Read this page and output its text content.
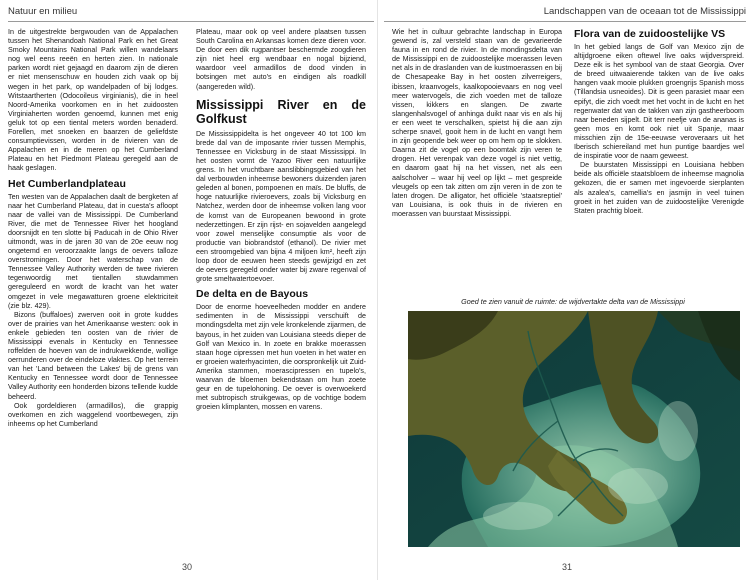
Natuur en milieu

In de uitgestrekte bergwouden van de Appalachen tussen het Shenandoah National Park en het Great Smoky Mountains National Park willen wandelaars nog wel eens reeën en herten zien. In nationale parken wordt niet gejaagd en daarom zijn de dieren er niet mensenschuw en houden zich vaak op bij wegen in het park, op wandelpaden of bij lodges. Witstaartherten (Odocoileus virginianis), die in heel Noord-Amerika voorkomen en in het zuidoosten Virginiaherten worden genoemd, kunnen met enig geluk tot op een tiental meters worden benaderd. Forellen, met snoeken en baarzen de geliefdste consumptievissen, worden in de rivieren van de Appalachen en in de meren op het Cumberland Plateau en het Piedmont Plateau geregeld aan de haak geslagen.

Het Cumberlandplateau

Ten westen van de Appalachen daalt de bergketen af naar het Cumberland Plateau, dat in cuesta's afloopt naar de vallei van de Mississippi. De Cumberland River, die met de Tennessee River het hoogland doorsnijdt en ten slotte bij Paducah in de Ohio River uitmondt, was in de jaren 30 van de 20e eeuw nog ongetemd en veroorzaakte langs de oevers talloze overstromingen. Door het waterschap van de Tennessee Valley Authority werden de twee rivieren tegenwoordig met tientallen stuwdammen gereguleerd en wordt de kracht van het water omgezet in vele megawatturen groene elektriciteit (zie blz. 429).

Bizons (buffaloes) zwerven ooit in grote kuddes over de prairies van het Amerikaanse westen: ook in enkele gebieden ten oosten van de rivier de Mississippi evenals in Kentucky en Tennessee roffelden de hoeven van de indrukwekkende, wollige oerrunderen over de eindeloze vlaktes. Op het terrein van het 'Land between the Lakes' bij de grens van Kentucky en Tennessee wordt door de Tennessee Valley Authority een honderden bizons tellende kudde beheerd.

Ook gordeldieren (armadillos), die grappig overkomen en zich waggelend voortbewegen, zijn inheems op het Cumberland

Plateau, maar ook op veel andere plaatsen tussen South Carolina en Arkansas komen deze dieren voor. De door een dik rugpantser beschermde zoogdieren zijn niet heel erg wendbaar en nogal bijziend, waardoor veel armadillos de dood vinden in botsingen met auto's en eindigen als roadkill (aangereden wild).

Mississippi River en de Golfkust

De Mississippidelta is het ongeveer 40 tot 100 km brede dal van de imposante rivier tussen Memphis, Tennessee en Vicksburg in de staat Mississippi. In het oosten vormt de Yazoo River een natuurlijke grens. In het vruchtbare aanslibbingsgebied van het dal verbouwden inheemse bewoners duizenden jaren geleden al bonen, pompoenen en maïs. De bluffs, de hoge natuurlijke rivieroevers, zoals bij Vicksburg en Natchez, werden door de inheemse volken lang voor de komst van de Europeanen bewoond in grote nederzettingen. Er zijn rijst- en sojavelden aangelegd voor zowel menselijke consumptie als voor de productie van biobrandstof (ethanol). De rivier met een stroomgebied van bijna 4 miljoen km², heeft zijn loop door de eeuwen heen steeds gewijzigd en zet de oevers geregeld onder water bij zware regenval of grote smeltwatertoevoer.

De delta en de Bayous

Door de enorme hoeveelheden modder en andere sedimenten in de Mississippi verschuift de mondingsdelta met zijn vele kronkelende zijarmen, de bayous, in het zuiden van Louisiana steeds dieper de Golf van Mexico in. In zoete en brakke moerassen staan hoge cipressen met hun voeten in het water en er groeien waterhyacinten, die oorspronkelijk uit Zuid-Amerika stammen, moerascipressen en tupelo's, waarvan de bloemen bekendstaan om hun zoete geur en de tupelohoning. De oever is overwoekerd met subtropisch struikgewas, op de vochtige bodem groeien klimplanten, mossen en varens.

30
Landschappen van de oceaan tot de Mississippi

Wie het in cultuur gebrachte landschap in Europa gewend is, zal versteld staan van de gevarieerde fauna in en rond de rivier. In de mondingsdelta van de Mississippi en de zuidoostelijke moerassen leven net als in de draslanden van de kustmoerassen en bij de Chesapeake Bay in het oosten zilverreigers, ibissen, kraanvogels, kaalkopooievaars en nog veel meer watervogels, die zich voeden met de talloze vissen, kikkers en slangen. De zwarte slangenhalsvogel of anhinga duikt naar vis en als hij er een weet te verschalken, spietst hij die aan zijn scherpe snavel, gooit hem in de lucht en vangt hem in zijn geopende bek weer op om hem op te slokken. Daarna zit de vogel op een boomtak zijn veren te drogen. Het verenpak van deze vogel is niet vettig, en daarom gaat hij na het vissen, net als een aalscholver – waar hij veel op lijkt – met gespreide vleugels op een tak zitten om zijn veren in de zon te laten drogen. De alligator, het officiële 'staatsreptiel' van Louisiana, is ook thuis in de rivieren en moerassen van buurstaat Mississippi.

Flora van de zuidoostelijke VS

In het gebied langs de Golf van Mexico zijn de altijdgroene eiken oftewel live oaks wijdverspreid. Deze eik is het symbool van de staat Georgia. Over de breed uitwaaierende takken van de live oaks hangen vaak mooie plukken groengrijs Spanish moss (Tillandsia usneoides). Dit is geen parasiet maar een epifyt, die zich voedt met het vocht in de lucht en het regenwater dat van de takken van zijn gastheerboom naar beneden sijpelt. Dit terr neefje van de ananas is geen mos en komt ook niet uit Spanje, maar misschien zijn de 15e-eeuwse veroveraars uit het Iberisch schiereiland met hun puntige baardjes wel de inspiratie voor de naam geweest.

De buurstaten Mississippi en Louisiana hebben beide als officiële staatsbloem de inheemse magnolia gekozen, die er samen met ingevoerde sierplanten als azalea's, camellia's en jasmijn in veel tuinen groeit in het zuiden van de zuidoostelijke Verenigde Staten prachtig bloeit.

Goed te zien vanuit de ruimte: de wijdvertakte delta van de Mississippi
31
